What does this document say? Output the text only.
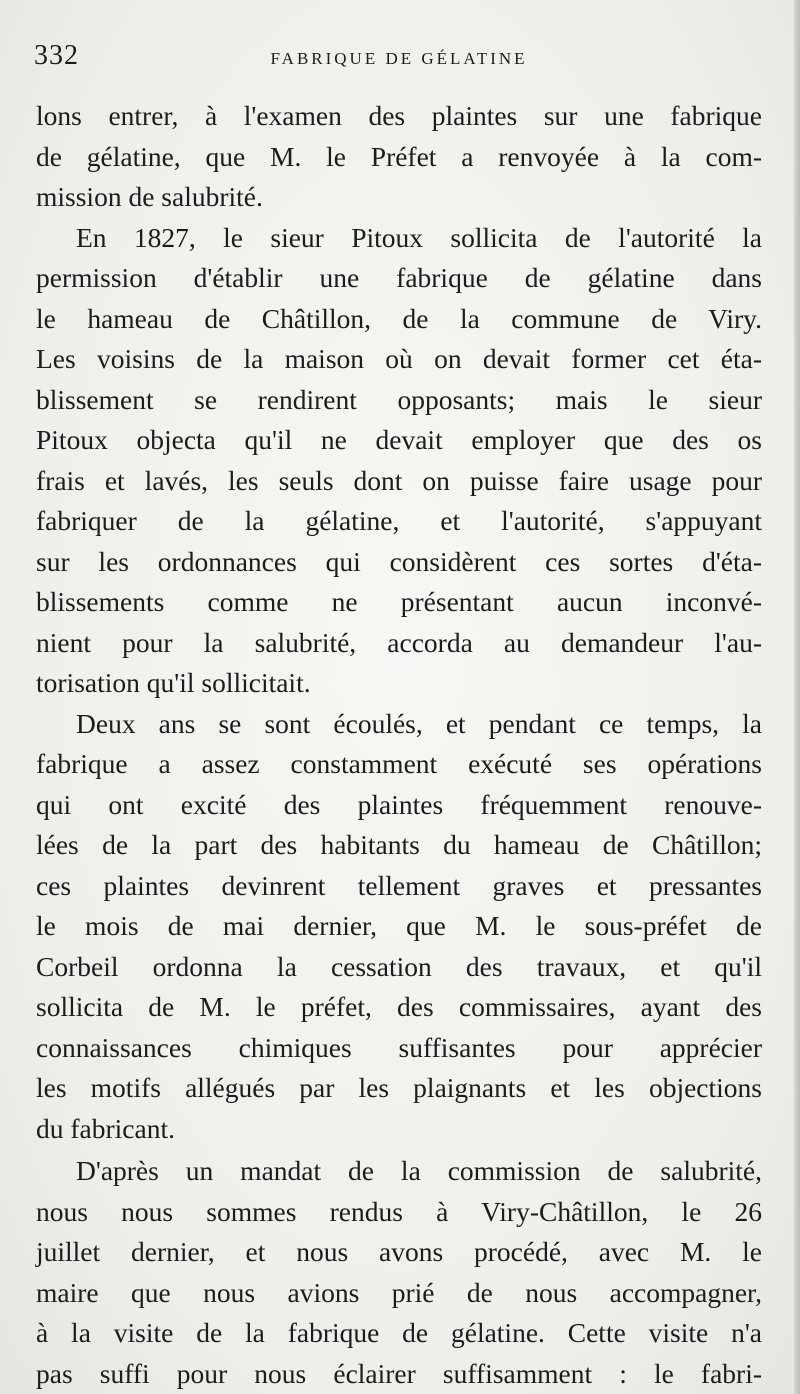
332	FABRIQUE DE GÉLATINE
lons entrer, à l'examen des plaintes sur une fabrique
de gélatine, que M. le Préfet a renvoyée à la com-
mission de salubrité.
En 1827, le sieur Pitoux sollicita de l'autorité la
permission d'établir une fabrique de gélatine dans
le hameau de Châtillon, de la commune de Viry.
Les voisins de la maison où on devait former cet éta-
blissement se rendirent opposants; mais le sieur
Pitoux objecta qu'il ne devait employer que des os
frais et lavés, les seuls dont on puisse faire usage pour
fabriquer de la gélatine, et l'autorité, s'appuyant
sur les ordonnances qui considèrent ces sortes d'éta-
blissements comme ne présentant aucun inconvé-
nient pour la salubrité, accorda au demandeur l'au-
torisation qu'il sollicitait.
Deux ans se sont écoulés, et pendant ce temps, la
fabrique a assez constamment exécuté ses opérations
qui ont excité des plaintes fréquemment renouve-
lées de la part des habitants du hameau de Châtillon;
ces plaintes devinrent tellement graves et pressantes
le mois de mai dernier, que M. le sous-préfet de
Corbeil ordonna la cessation des travaux, et qu'il
sollicita de M. le préfet, des commissaires, ayant des
connaissances chimiques suffisantes pour apprécier
les motifs allégués par les plaignants et les objections
du fabricant.
D'après un mandat de la commission de salubrité,
nous nous sommes rendus à Viry-Châtillon, le 26
juillet dernier, et nous avons procédé, avec M. le
maire que nous avions prié de nous accompagner,
à la visite de la fabrique de gélatine. Cette visite n'a
pas suffi pour nous éclairer suffisamment : le fabri-
